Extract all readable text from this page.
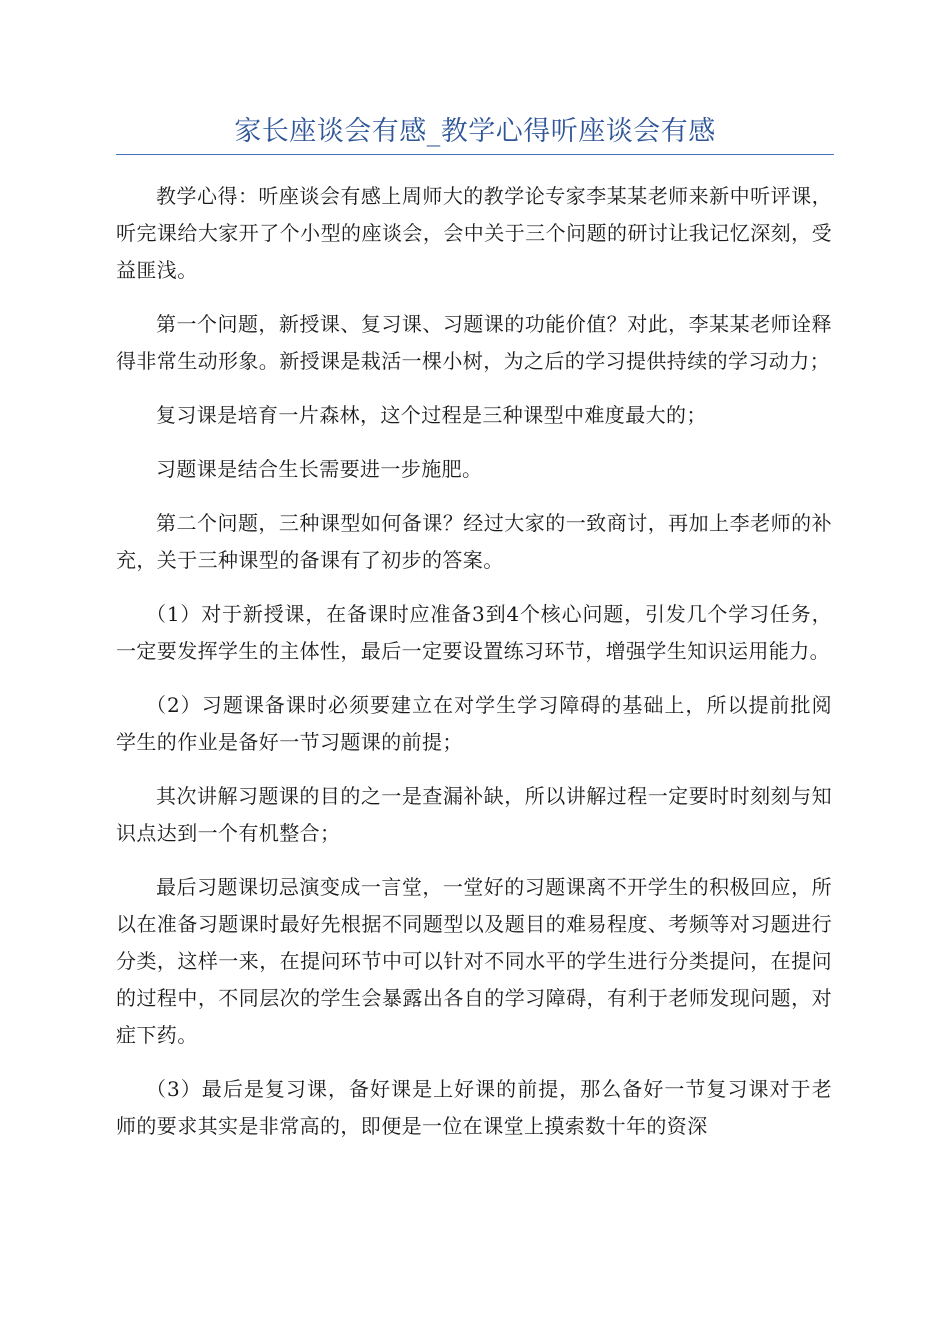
家长座谈会有感_教学心得听座谈会有感

教学心得：听座谈会有感上周师大的教学论专家李某某老师来新中听评课，听完课给大家开了个小型的座谈会，会中关于三个问题的研讨让我记忆深刻，受益匪浅。

第一个问题，新授课、复习课、习题课的功能价值？对此，李某某老师诠释得非常生动形象。新授课是栽活一棵小树，为之后的学习提供持续的学习动力；

复习课是培育一片森林，这个过程是三种课型中难度最大的；

习题课是结合生长需要进一步施肥。

第二个问题，三种课型如何备课？经过大家的一致商讨，再加上李老师的补充，关于三种课型的备课有了初步的答案。

（1）对于新授课，在备课时应准备3到4个核心问题，引发几个学习任务，一定要发挥学生的主体性，最后一定要设置练习环节，增强学生知识运用能力。

（2）习题课备课时必须要建立在对学生学习障碍的基础上，所以提前批阅学生的作业是备好一节习题课的前提；

其次讲解习题课的目的之一是查漏补缺，所以讲解过程一定要时时刻刻与知识点达到一个有机整合；

最后习题课切忌演变成一言堂，一堂好的习题课离不开学生的积极回应，所以在准备习题课时最好先根据不同题型以及题目的难易程度、考频等对习题进行分类，这样一来，在提问环节中可以针对不同水平的学生进行分类提问，在提问的过程中，不同层次的学生会暴露出各自的学习障碍，有利于老师发现问题，对症下药。

（3）最后是复习课，备好课是上好课的前提，那么备好一节复习课对于老师的要求其实是非常高的，即便是一位在课堂上摸索数十年的资深
